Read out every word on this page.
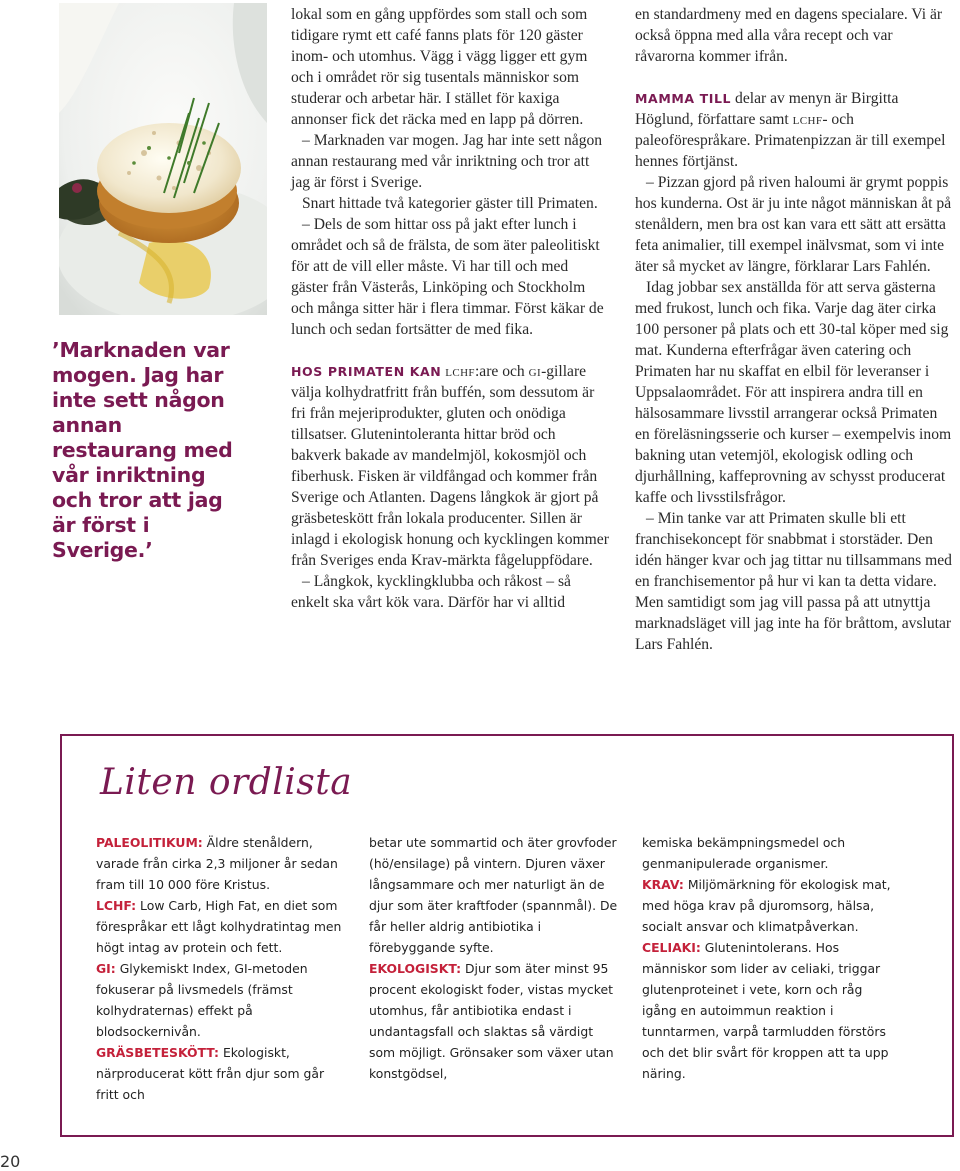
’Marknaden var mogen. Jag har inte sett någon annan restaurang med vår inriktning och tror att jag är först i Sverige.’

lokal som en gång uppfördes som stall och som tidigare rymt ett café fanns plats för 120 gäster inom- och utomhus. Vägg i vägg ligger ett gym och i området rör sig tusentals människor som studerar och arbetar här. I stället för kaxiga annonser fick det räcka med en lapp på dörren.

– Marknaden var mogen. Jag har inte sett någon annan restaurang med vår inriktning och tror att jag är först i Sverige.

Snart hittade två kategorier gäster till Primaten.

– Dels de som hittar oss på jakt efter lunch i området och så de frälsta, de som äter paleolitiskt för att de vill eller måste. Vi har till och med gäster från Västerås, Linköping och Stockholm och många sitter här i flera timmar. Först käkar de lunch och sedan fortsätter de med fika.

HOS PRIMATEN KAN lchf:are och gi-gillare välja kolhydratfritt från buffén, som dessutom är fri från mejeriprodukter, gluten och onödiga tillsatser. Glutenintoleranta hittar bröd och bakverk bakade av mandelmjöl, kokosmjöl och fiberhusk. Fisken är vildfångad och kommer från Sverige och Atlanten. Dagens långkok är gjort på gräsbeteskött från lokala producenter. Sillen är inlagd i ekologisk honung och kycklingen kommer från Sveriges enda Krav-märkta fågeluppfödare.

– Långkok, kycklingklubba och råkost – så enkelt ska vårt kök vara. Därför har vi alltid

en standardmeny med en dagens specialare. Vi är också öppna med alla våra recept och var råvarorna kommer ifrån.

MAMMA TILL delar av menyn är Birgitta Höglund, författare samt lchf- och paleoförespråkare. Primatenpizzan är till exempel hennes förtjänst.

– Pizzan gjord på riven haloumi är grymt poppis hos kunderna. Ost är ju inte något människan åt på stenåldern, men bra ost kan vara ett sätt att ersätta feta animalier, till exempel inälvsmat, som vi inte äter så mycket av längre, förklarar Lars Fahlén.

Idag jobbar sex anställda för att serva gästerna med frukost, lunch och fika. Varje dag äter cirka 100 personer på plats och ett 30-tal köper med sig mat. Kunderna efterfrågar även catering och Primaten har nu skaffat en elbil för leveranser i Uppsalaområdet. För att inspirera andra till en hälsosammare livsstil arrangerar också Primaten en föreläsningsserie och kurser – exempelvis inom bakning utan vetemjöl, ekologisk odling och djurhållning, kaffeprovning av schysst producerat kaffe och livsstilsfrågor.

– Min tanke var att Primaten skulle bli ett franchisekoncept för snabbmat i storstäder. Den idén hänger kvar och jag tittar nu tillsammans med en franchisementor på hur vi kan ta detta vidare. Men samtidigt som jag vill passa på att utnyttja marknadsläget vill jag inte ha för bråttom, avslutar Lars Fahlén.

Liten ordlista

PALEOLITIKUM: Äldre stenåldern, varade från cirka 2,3 miljoner år sedan fram till 10 000 före Kristus.

LCHF: Low Carb, High Fat, en diet som förespråkar ett lågt kolhydratintag men högt intag av protein och fett.

GI: Glykemiskt Index, GI-metoden fokuserar på livsmedels (främst kolhydraternas) effekt på blodsockernivån.

GRÄSBETESKÖTT: Ekologiskt, närproducerat kött från djur som går fritt och

betar ute sommartid och äter grovfoder (hö/ensilage) på vintern. Djuren växer långsammare och mer naturligt än de djur som äter kraftfoder (spannmål). De får heller aldrig antibiotika i förebyggande syfte.

EKOLOGISKT: Djur som äter minst 95 procent ekologiskt foder, vistas mycket utomhus, får antibiotika endast i undantagsfall och slaktas så värdigt som möjligt. Grönsaker som växer utan konstgödsel,

kemiska bekämpningsmedel och genmanipulerade organismer.

KRAV: Miljömärkning för ekologisk mat, med höga krav på djuromsorg, hälsa, socialt ansvar och klimatpåverkan.

CELIAKI: Glutenintolerans. Hos människor som lider av celiaki, triggar glutenproteinet i vete, korn och råg igång en autoimmun reaktion i tunntarmen, varpå tarmludden förstörs och det blir svårt för kroppen att ta upp näring.

20
